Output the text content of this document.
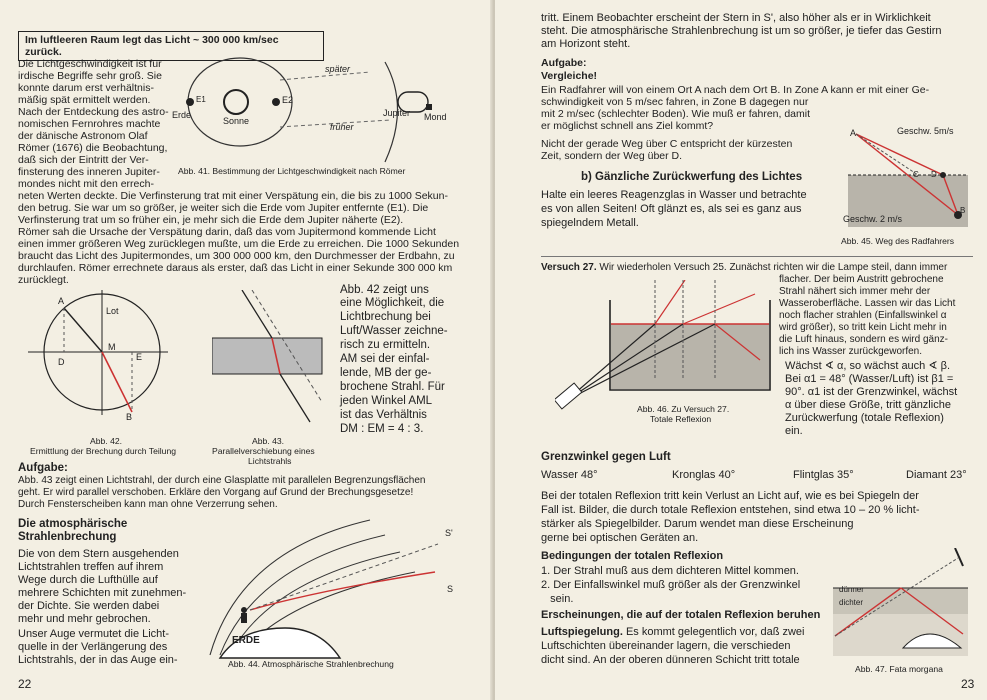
Im luftleeren Raum legt das Licht ~ 300 000 km/sec zurück.

Die Lichtgeschwindigkeit ist für

irdische Begriffe sehr groß. Sie

konnte darum erst verhältnis-

mäßig spät ermittelt werden.

Nach der Entdeckung des astro-

nomischen Fernrohres machte

der dänische Astronom Olaf

Römer (1676) die Beobachtung,

daß sich der Eintritt der Ver-

finsterung des inneren Jupiter-

mondes nicht mit den errech-

Erde
E1	E2
Sonne
später
früher
Jupiter Mond
Abb. 41. Bestimmung der Lichtgeschwindigkeit nach Römer

neten Werten deckte. Die Verfinsterung trat mit einer Verspätung ein, die bis zu 1000 Sekun-

den betrug. Sie war um so größer, je weiter sich die Erde vom Jupiter entfernte (E1). Die

Verfinsterung trat um so früher ein, je mehr sich die Erde dem Jupiter näherte (E2).

Römer sah die Ursache der Verspätung darin, daß das vom Jupitermond kommende Licht

einen immer größeren Weg zurücklegen mußte, um die Erde zu erreichen. Die 1000 Sekunden

braucht das Licht des Jupitermondes, um 300 000 000 km, den Durchmesser der Erdbahn, zu

durchlaufen. Römer errechnete daraus als erster, daß das Licht in einer Sekunde 300 000 km

zurücklegt.

A
Lot
M
D	E
B
Abb. 42.
Ermittlung der Brechung durch Teilung
Abb. 43.
Parallelverschiebung eines
Lichtstrahls

Abb. 42 zeigt uns

eine Möglichkeit, die

Lichtbrechung bei

Luft/Wasser zeichne-

risch zu ermitteln.

AM sei der einfal-

lende, MB der ge-

brochene Strahl. Für

jeden Winkel AML

ist das Verhältnis

DM : EM = 4 : 3.

Aufgabe:

Abb. 43 zeigt einen Lichtstrahl, der durch eine Glasplatte mit parallelen Begrenzungsflächen

geht. Er wird parallel verschoben. Erkläre den Vorgang auf Grund der Brechungsgesetze!

Durch Fensterscheiben kann man ohne Verzerrung sehen.

Die atmosphärische

Strahlenbrechung

Die von dem Stern ausgehenden

Lichtstrahlen treffen auf ihrem

Wege durch die Lufthülle auf

mehrere Schichten mit zunehmen-

der Dichte. Sie werden dabei

mehr und mehr gebrochen.

Unser Auge vermutet die Licht-

quelle in der Verlängerung des

Lichtstrahls, der in das Auge ein-

S'
S
ERDE
Abb. 44. Atmosphärische Strahlenbrechung
22

tritt. Einem Beobachter erscheint der Stern in S', also höher als er in Wirklichkeit

steht. Die atmosphärische Strahlenbrechung ist um so größer, je tiefer das Gestirn

am Horizont steht.

Aufgabe:

Vergleiche!

Ein Radfahrer will von einem Ort A nach dem Ort B. In Zone A kann er mit einer Ge-

schwindigkeit von 5 m/sec fahren, in Zone B dagegen nur

mit 2 m/sec (schlechter Boden). Wie muß er fahren, damit

er möglichst schnell ans Ziel kommt?

Nicht der gerade Weg über C entspricht der kürzesten

Zeit, sondern der Weg über D.

b) Gänzliche Zurückwerfung des Lichtes

Halte ein leeres Reagenzglas in Wasser und betrachte

es von allen Seiten! Oft glänzt es, als sei es ganz aus

spiegelndem Metall.

A	Geschw. 5m/s
Geschw. 2 m/s
C D
B
Abb. 45. Weg des Radfahrers

Versuch 27. Wir wiederholen Versuch 25. Zunächst richten wir die Lampe steil, dann immer

flacher. Der beim Austritt gebrochene

Strahl nähert sich immer mehr der

Wasseroberfläche. Lassen wir das Licht

noch flacher strahlen (Einfallswinkel α

wird größer), so tritt kein Licht mehr in

die Luft hinaus, sondern es wird gänz-

lich ins Wasser zurückgeworfen.

Wächst ∢ α, so wächst auch ∢ β.

Bei α1 = 48° (Wasser/Luft) ist β1 =

90°. α1 ist der Grenzwinkel, wächst

α über diese Größe, tritt gänzliche

Zurückwerfung (totale Reflexion)

ein.

Abb. 46. Zu Versuch 27.
Totale Reflexion

Grenzwinkel gegen Luft

Wasser 48°	Kronglas 40°	Flintglas 35°	Diamant 23°

Bei der totalen Reflexion tritt kein Verlust an Licht auf, wie es bei Spiegeln der

Fall ist. Bilder, die durch totale Reflexion entstehen, sind etwa 10 – 20 % licht-

stärker als Spiegelbilder. Darum wendet man diese Erscheinung

gerne bei optischen Geräten an.

Bedingungen der totalen Reflexion

1. Der Strahl muß aus dem dichteren Mittel kommen.

2. Der Einfallswinkel muß größer als der Grenzwinkel

sein.

Erscheinungen, die auf der totalen Reflexion beruhen

Luftspiegelung. Es kommt gelegentlich vor, daß zwei

Luftschichten übereinander lagern, die verschieden

dicht sind. An der oberen dünneren Schicht tritt totale

dünner
dichter
Abb. 47. Fata morgana
23
